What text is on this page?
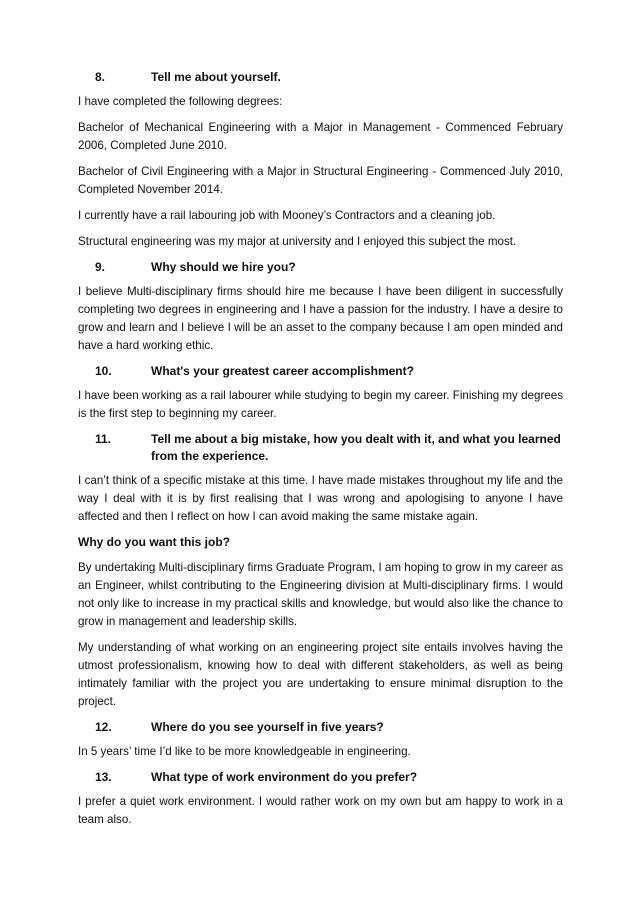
8.	Tell me about yourself.

I have completed the following degrees:

Bachelor of Mechanical Engineering with a Major in Management - Commenced February 2006, Completed June 2010.

Bachelor of Civil Engineering with a Major in Structural Engineering - Commenced July 2010, Completed November 2014.

I currently have a rail labouring job with Mooney’s Contractors and a cleaning job.

Structural engineering was my major at university and I enjoyed this subject the most.

9.	Why should we hire you?

I believe Multi-disciplinary firms should hire me because I have been diligent in successfully completing two degrees in engineering and I have a passion for the industry. I have a desire to grow and learn and I believe I will be an asset to the company because I am open minded and have a hard working ethic.

10.	What's your greatest career accomplishment?

I have been working as a rail labourer while studying to begin my career. Finishing my degrees is the first step to beginning my career.

11.	Tell me about a big mistake, how you dealt with it, and what you learned from the experience.

I can’t think of a specific mistake at this time. I have made mistakes throughout my life and the way I deal with it is by first realising that I was wrong and apologising to anyone I have affected and then I reflect on how I can avoid making the same mistake again.

Why do you want this job?

By undertaking Multi-disciplinary firms Graduate Program, I am hoping to grow in my career as an Engineer, whilst contributing to the Engineering division at Multi-disciplinary firms. I would not only like to increase in my practical skills and knowledge, but would also like the chance to grow in management and leadership skills.

My understanding of what working on an engineering project site entails involves having the utmost professionalism, knowing how to deal with different stakeholders, as well as being intimately familiar with the project you are undertaking to ensure minimal disruption to the project.

12.	Where do you see yourself in five years?

In 5 years’ time I’d like to be more knowledgeable in engineering.

13.	What type of work environment do you prefer?

I prefer a quiet work environment. I would rather work on my own but am happy to work in a team also.
